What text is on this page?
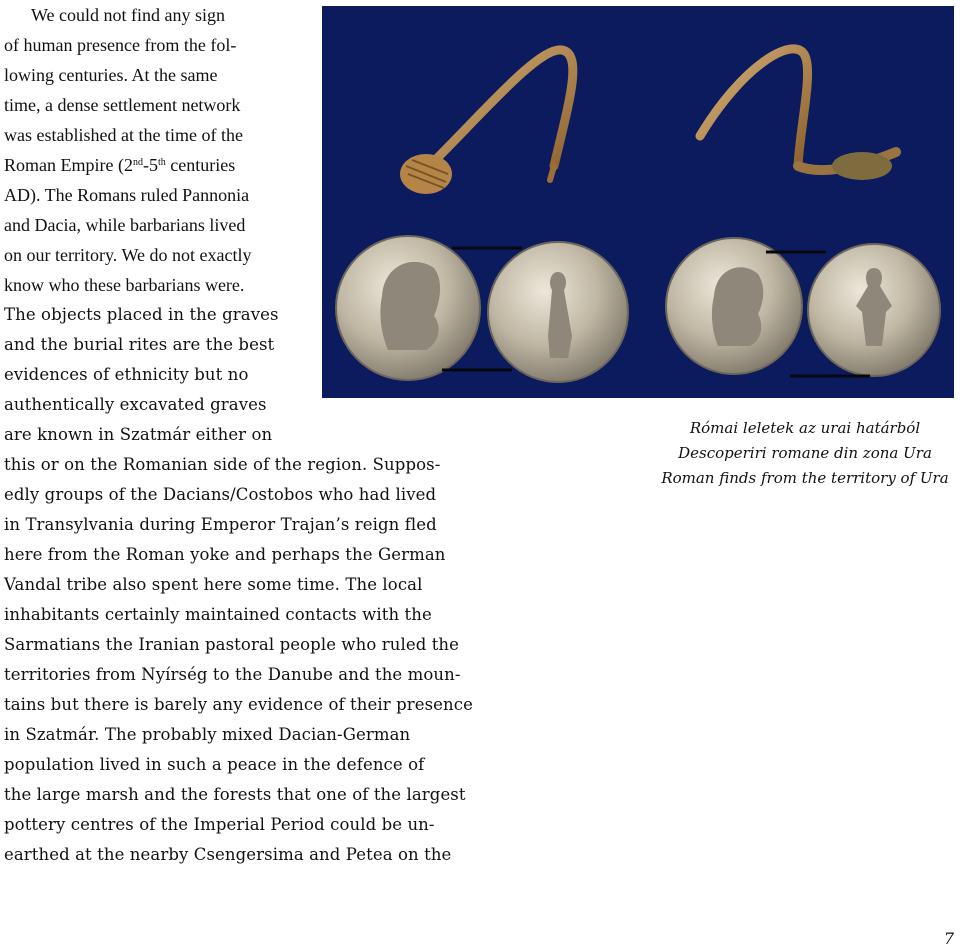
We could not find any sign
of human presence from the fol-
lowing centuries. At the same
time, a dense settlement network
was established at the time of the
Roman Empire (2nd-5th centuries
AD). The Romans ruled Pannonia
and Dacia, while barbarians lived
on our territory. We do not exactly
know who these barbarians were.
The objects placed in the graves
and the burial rites are the best
evidences of ethnicity but no
authentically excavated graves
are known in Szatmár either on
this or on the Romanian side of the region. Suppos-
edly groups of the Dacians/Costobos who had lived
in Transylvania during Emperor Trajan’s reign fled
here from the Roman yoke and perhaps the German
Vandal tribe also spent here some time. The local
inhabitants certainly maintained contacts with the
Sarmatians the Iranian pastoral people who ruled the
territories from Nyírség to the Danube and the moun-
tains but there is barely any evidence of their presence
in Szatmár. The probably mixed Dacian-German
population lived in such a peace in the defence of
the large marsh and the forests that one of the largest
pottery centres of the Imperial Period could be un-
earthed at the nearby Csengersima and Petea on the
Római leletek az urai határból
Descoperiri romane din zona Ura
Roman finds from the territory of Ura
7
